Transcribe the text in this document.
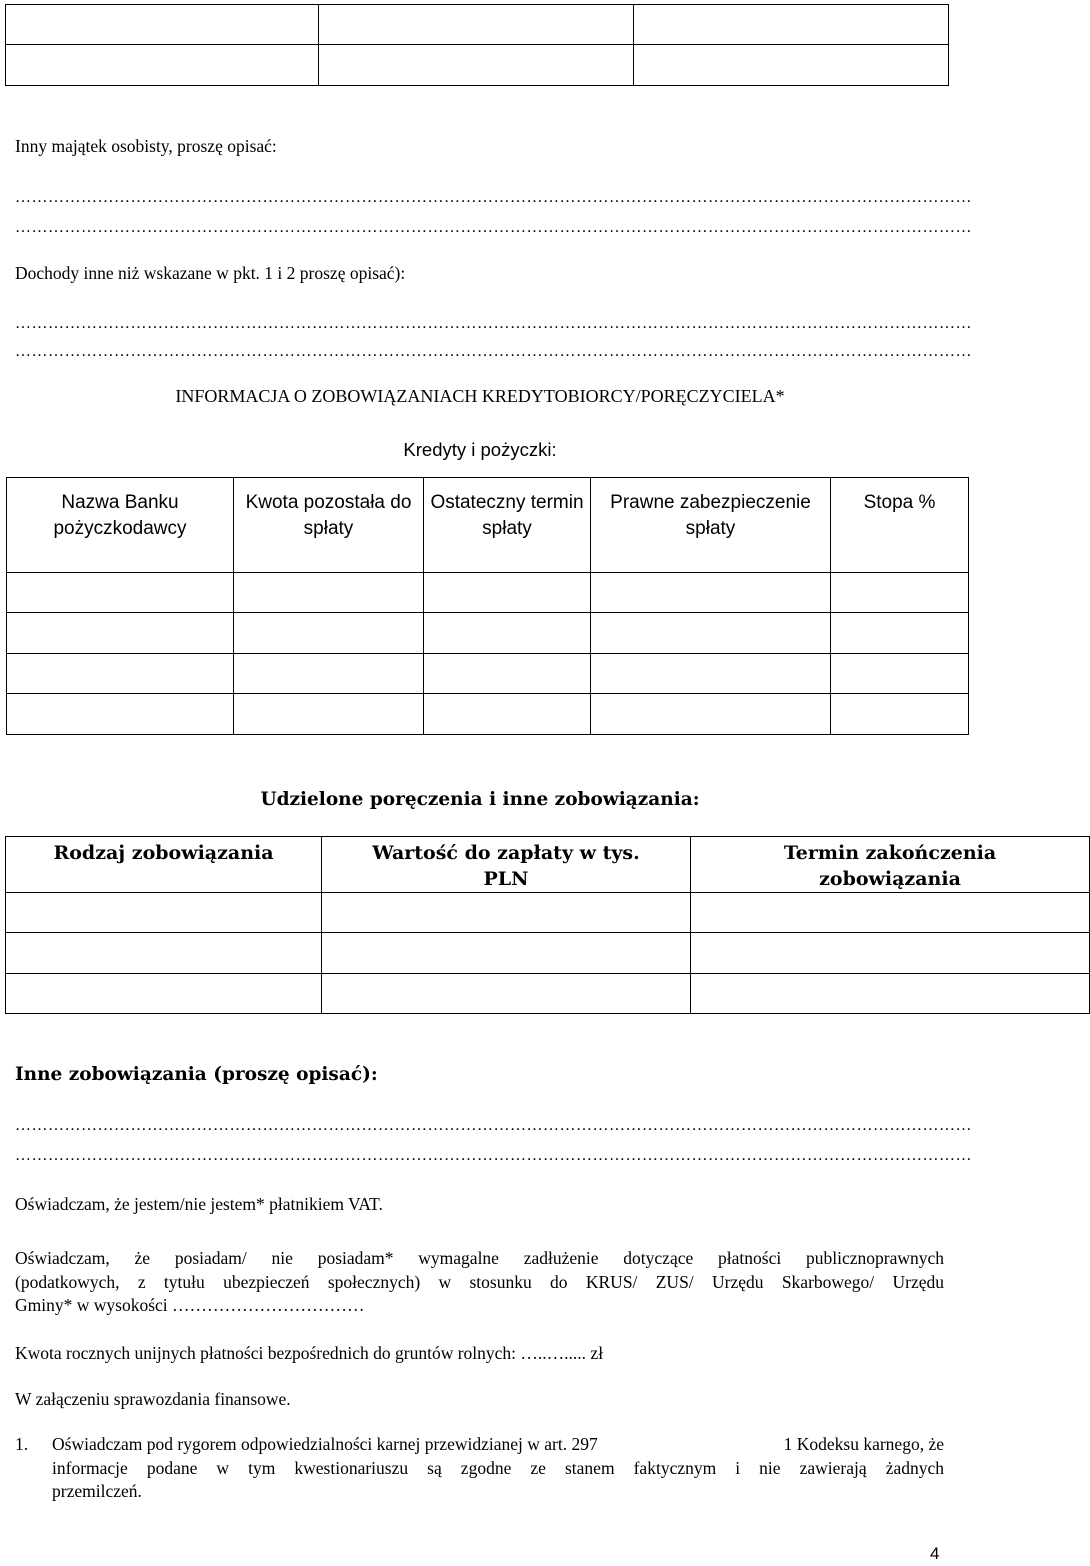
Inny majątek osobisty, proszę opisać:
…………………………………………………………………………………………………………………………………………………………
…………………………………………………………………………………………………………………………………………………………
Dochody inne niż wskazane w pkt. 1 i 2 proszę opisać):
…………………………………………………………………………………………………………………………………………………………
…………………………………………………………………………………………………………………………………………………………
INFORMACJA O ZOBOWIĄZANIACH KREDYTOBIORCY/PORĘCZYCIELA*
Kredyty i pożyczki:
Nazwa Banku pożyczkodawcy	Kwota pozostała do spłaty	Ostateczny termin spłaty	Prawne zabezpieczenie spłaty	Stopa %

Udzielone poręczenia i inne zobowiązania:
Rodzaj zobowiązania	Wartość do zapłaty w tys. PLN	Termin zakończenia zobowiązania

Inne zobowiązania (proszę opisać):
…………………………………………………………………………………………………………………………………………………………
…………………………………………………………………………………………………………………………………………………………
Oświadczam, że jestem/nie jestem* płatnikiem VAT.
Oświadczam, że posiadam/ nie posiadam* wymagalne zadłużenie dotyczące płatności publicznoprawnych
(podatkowych, z tytułu ubezpieczeń społecznych) w stosunku do KRUS/ ZUS/ Urzędu Skarbowego/ Urzędu
Gminy* w wysokości ……………………………
Kwota rocznych unijnych płatności bezpośrednich do gruntów rolnych: …..…..... zł
W załączeniu sprawozdania finansowe.
1. Oświadczam pod rygorem odpowiedzialności karnej przewidzianej w art. 297	1 Kodeksu karnego, że
informacje podane w tym kwestionariuszu są zgodne ze stanem faktycznym i nie zawierają żadnych
przemilczeń.
4
